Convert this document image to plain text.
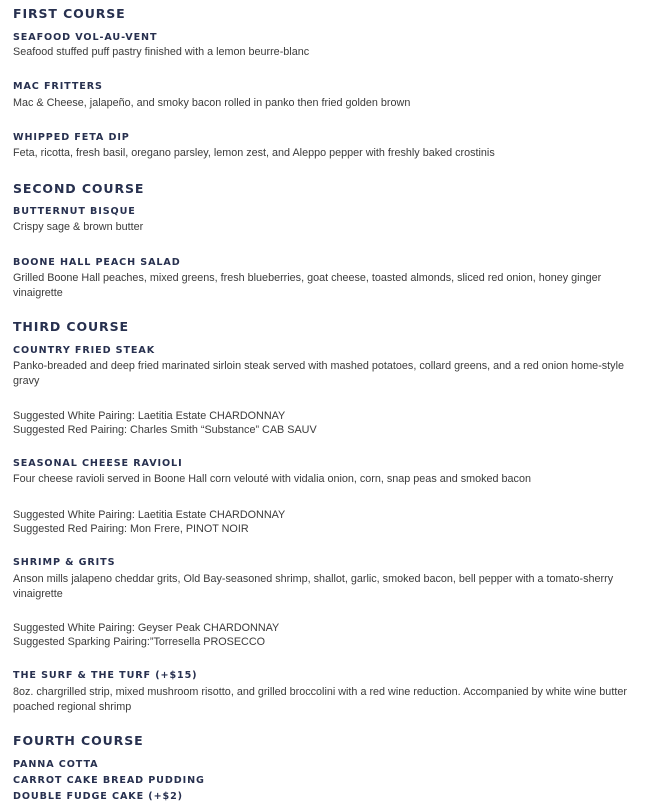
FIRST COURSE
SEAFOOD VOL-AU-VENT
Seafood stuffed puff pastry finished with a lemon beurre-blanc
MAC FRITTERS
Mac & Cheese, jalapeño, and smoky bacon rolled in panko then fried golden brown
WHIPPED FETA DIP
Feta, ricotta, fresh basil, oregano parsley, lemon zest, and Aleppo pepper with freshly baked crostinis
SECOND COURSE
BUTTERNUT BISQUE
Crispy sage & brown butter
BOONE HALL PEACH SALAD
Grilled Boone Hall peaches, mixed greens, fresh blueberries, goat cheese, toasted almonds, sliced red onion, honey ginger vinaigrette
THIRD COURSE
COUNTRY FRIED STEAK
Panko-breaded and deep fried marinated sirloin steak served with mashed potatoes, collard greens, and a red onion home-style gravy
Suggested White Pairing: Laetitia Estate CHARDONNAY
Suggested Red Pairing: Charles Smith “Substance” CAB SAUV
SEASONAL CHEESE RAVIOLI
Four cheese ravioli served in Boone Hall corn velouté with vidalia onion, corn, snap peas and smoked bacon
Suggested White Pairing: Laetitia Estate CHARDONNAY
Suggested Red Pairing: Mon Frere, PINOT NOIR
SHRIMP & GRITS
Anson mills jalapeno cheddar grits, Old Bay-seasoned shrimp, shallot, garlic, smoked bacon, bell pepper with a tomato-sherry vinaigrette
Suggested White Pairing: Geyser Peak CHARDONNAY
Suggested Sparking Pairing:”Torresella PROSECCO
THE SURF & THE TURF (+$15)
8oz. chargrilled strip, mixed mushroom risotto, and grilled broccolini with a red wine reduction. Accompanied by white wine butter poached regional shrimp
FOURTH COURSE
PANNA COTTA
CARROT CAKE BREAD PUDDING
DOUBLE FUDGE CAKE (+$2)
